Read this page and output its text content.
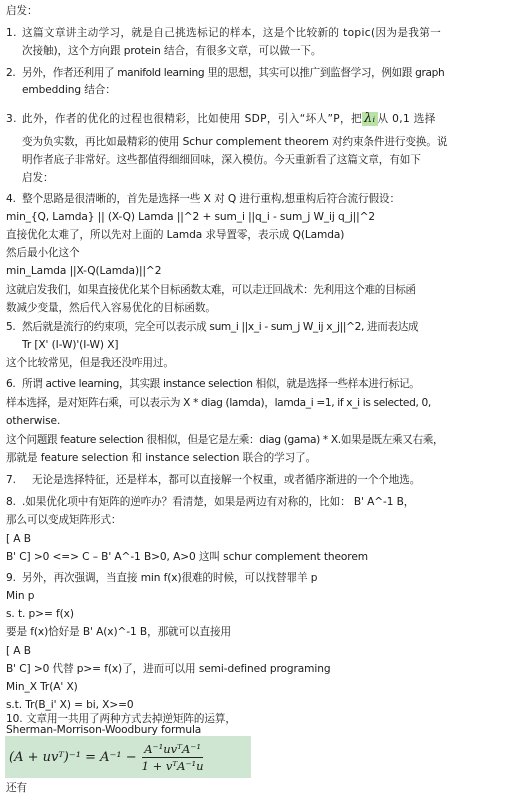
启发：
1. 这篇文章讲主动学习，就是自己挑选标记的样本，这是个比较新的 topic(因为是我第一
次接触)，这个方向跟 protein 结合，有很多文章，可以做一下。
2. 另外，作者还利用了 manifold learning 里的思想，其实可以推广到监督学习，例如跟 graph
embedding 结合：
3. 此外，作者的优化的过程也很精彩，比如使用 SDP，引入“坏人”P，把 λᵢ 从 0,1 选择
变为负实数，再比如最精彩的使用 Schur complement theorem 对约束条件进行变换。说
明作者底子非常好。这些都值得细细回味，深入模仿。今天重新看了这篇文章，有如下
启发：
4. 整个思路是很清晰的，首先是选择一些 X 对 Q 进行重构,想重构后符合流行假设：
min_{Q, Lamda} || (X-Q) Lamda ||^2 + sum_i ||q_i - sum_j W_ij q_j||^2
直接优化太难了，所以先对上面的 Lamda 求导置零，表示成 Q(Lamda)
然后最小化这个
min_Lamda ||X-Q(Lamda)||^2
这就启发我们，如果直接优化某个目标函数太难，可以走迂回战术：先利用这个难的目标函
数减少变量，然后代入容易优化的目标函数。
5. 然后就是流行的约束项，完全可以表示成 sum_i ||x_i - sum_j W_ij x_j||^2, 进而表达成
Tr [X' (I-W)'(I-W) X]
这个比较常见，但是我还没咋用过。
6. 所谓 active learning，其实跟 instance selection 相似，就是选择一些样本进行标记。
样本选择，是对矩阵右乘，可以表示为 X * diag (lamda)，lamda_i =1, if x_i is selected, 0,
otherwise.
这个问题跟 feature selection 很相似，但是它是左乘：diag (gama) * X.如果是既左乘又右乘，
那就是 feature selection 和 instance selection 联合的学习了。
7. 无论是选择特征，还是样本，都可以直接解一个权重，或者循序渐进的一个个地选。
8. .如果优化项中有矩阵的逆咋办？看清楚，如果是两边有对称的，比如： B' A^-1 B，
那么可以变成矩阵形式：
[ A B
B' C] >0 <=> C – B' A^-1 B>0, A>0 这叫 schur complement theorem
9. 另外，再次强调，当直接 min f(x)很难的时候，可以找替罪羊 p
Min p
s. t. p>= f(x)
要是 f(x)恰好是 B' A(x)^-1 B，那就可以直接用
[ A B
B' C] >0 代替 p>= f(x)了，进而可以用 semi-defined programing
Min_X Tr(A' X)
s.t. Tr(B_i' X) = bi, X>=0
10. 文章用一共用了两种方式去掉逆矩阵的运算，
(A + uvᵀ)⁻¹ = $A^{-1} - \frac{\text{A⁻¹uvᵀA⁻¹}}{\text{1 + vᵀA⁻¹u}}$
还有
Sherman-Morrison-Woodbury formula
